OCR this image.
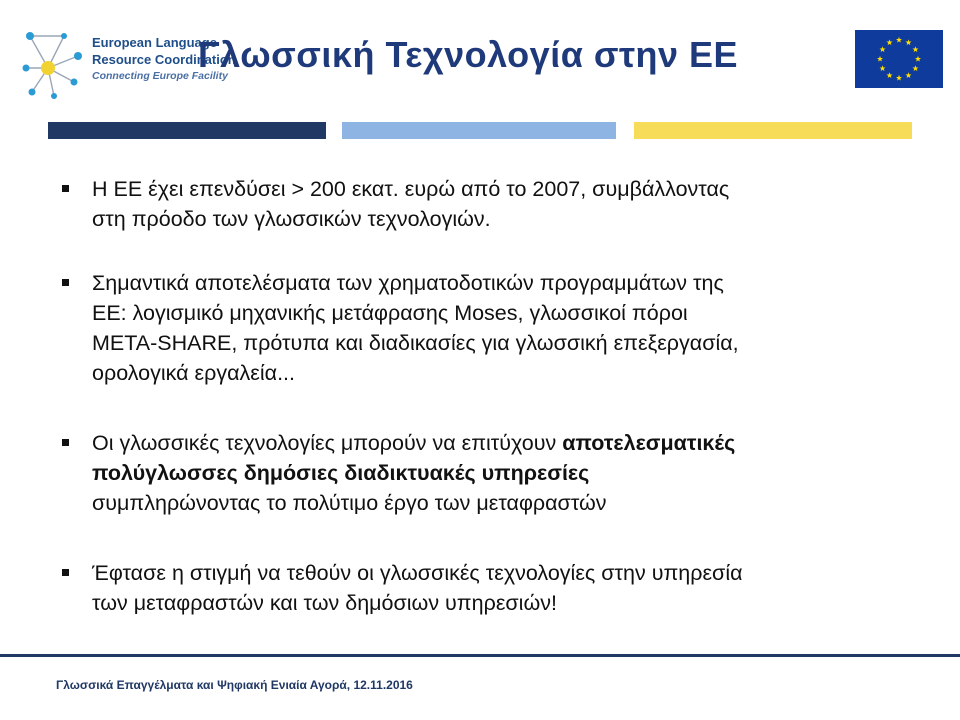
European Language
Resource Coordination
Connecting Europe Facility
Γλωσσική Τεχνολογία στην ΕΕ
Η ΕΕ έχει επενδύσει > 200 εκατ. ευρώ από το 2007, συμβάλλοντας
στη πρόοδο των γλωσσικών τεχνολογιών.
Σημαντικά αποτελέσματα των χρηματοδοτικών προγραμμάτων της
ΕΕ: λογισμικό μηχανικής μετάφρασης Moses, γλωσσικοί πόροι
META-SHARE, πρότυπα και διαδικασίες για γλωσσική επεξεργασία,
ορολογικά εργαλεία...
Οι γλωσσικές τεχνολογίες μπορούν να επιτύχουν αποτελεσματικές
πολύγλωσσες δημόσιες διαδικτυακές υπηρεσίες
συμπληρώνοντας το πολύτιμο έργο των μεταφραστών
Έφτασε η στιγμή να τεθούν οι γλωσσικές τεχνολογίες στην υπηρεσία
των μεταφραστών και των δημόσιων υπηρεσιών!
Γλωσσικά Επαγγέλματα και Ψηφιακή Ενιαία Αγορά, 12.11.2016
